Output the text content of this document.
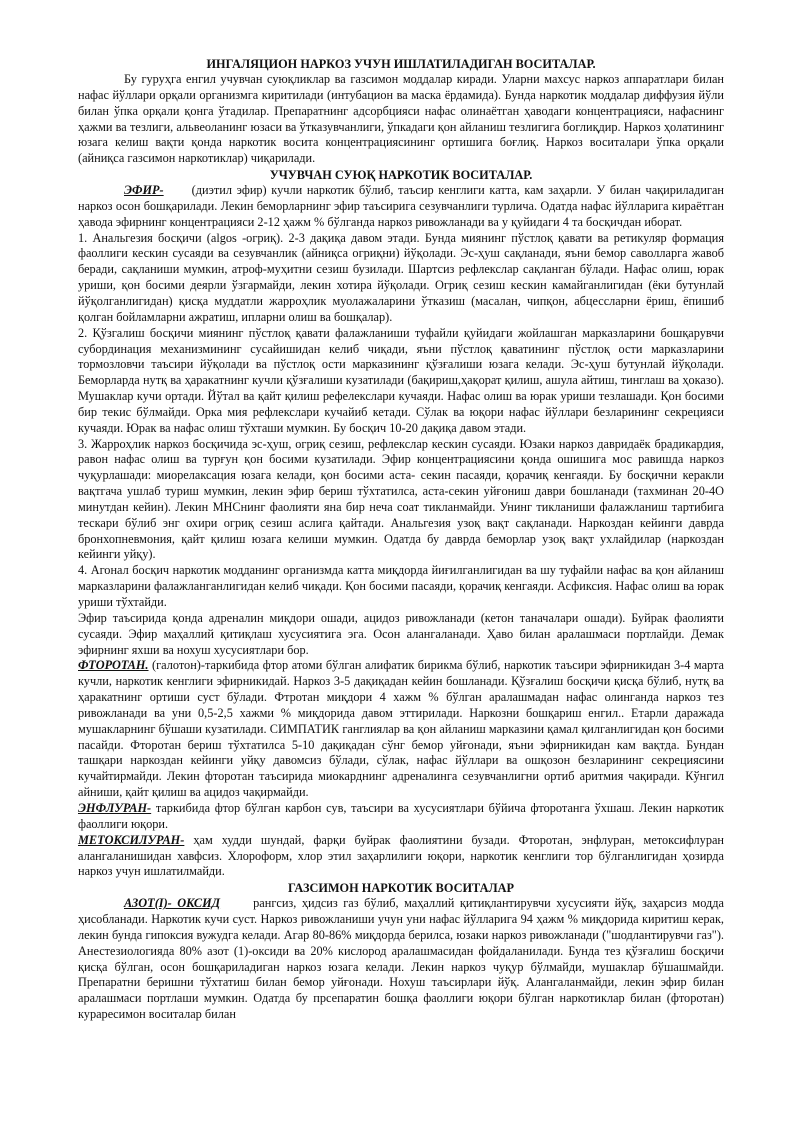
ИНГАЛЯЦИОН НАРКОЗ УЧУН ИШЛАТИЛАДИГАН ВОСИТАЛАР.

Бу гуруҳга енгил учувчан суюқликлар ва газсимон моддалар киради. Уларни махсус наркоз аппаратлари билан нафас йўллари орқали организмга киритилади (интубацион ва маска ёрдамида). Бунда наркотик моддалар диффузия йўли билан ўпка орқали қонга ўтадилар. Препаратнинг адсорбцияси нафас олинаётган ҳаводаги концентрацияси, нафаснинг ҳажми ва тезлиги, альвеоланинг юзаси ва ўтказувчанлиги, ўпкадаги қон айланиш тезлигига боглиқдир. Наркоз ҳолатининг юзага келиш вақти қонда наркотик восита концентрациясининг ортишига боғлиқ. Наркоз воситалари ўпка орқали (айниқса газсимон наркотиклар) чиқарилади.

УЧУВЧАН СУЮҚ НАРКОТИК ВОСИТАЛАР.

ЭФИР- (диэтил эфир) кучли наркотик бўлиб, таъсир кенглиги катта, кам заҳарли. У билан чақириладиган наркоз осон бошқарилади. Лекин беморларнинг эфир таъсирига сезувчанлиги турлича. Одатда нафас йўлларига кираётган ҳавода эфирнинг концентрацияси 2-12 ҳажм % бўлганда наркоз ривожланади ва у қуйидаги 4 та босқичдан иборат.

1. Анальгезия босқичи (algos -огриқ). 2-3 дақиқа давом этади. Бунда миянинг пўстлоқ қавати ва ретикуляр формация фаоллиги кескин сусаяди ва сезувчанлик (айниқса огриқни) йўқолади. Эс-ҳуш сақланади, яъни бемор саволларга жавоб беради, сақланиши мумкин, атроф-муҳитни сезиш бузилади. Шартсиз рефлекслар сақланган бўлади. Нафас олиш, юрак уриши, қон босими деярли ўзгармайди, лекин хотира йўқолади. Огриқ сезиш кескин камайганлигидан (ёки бутунлай йўқолганлигидан) қисқа муддатли жарроҳлик муолажаларини ўтказиш (масалан, чипқон, абцессларни ёриш, ёпишиб қолган бойламларни ажратиш, ипларни олиш ва бошқалар).

2. Қўзгалиш босқичи миянинг пўстлоқ қавати фалажланиши туфайли қуйидаги жойлашган марказларини бошқарувчи субординация механизмининг сусайишидан келиб чиқади, яъни пўстлоқ қаватининг пўстлоқ ости марказларини тормозловчи таъсири йўқолади ва пўстлоқ ости марказининг қўзғалиши юзага келади. Эс-ҳуш бутунлай йўқолади. Беморларда нутқ ва ҳаракатнинг кучли қўзғалиши кузатилади (бақириш,ҳақорат қилиш, ашула айтиш, тинглаш ва ҳоказо). Мушаклар кучи ортади. Йўтал ва қайт қилиш рефелекслари кучаяди. Нафас олиш ва юрак уриши тезлашади. Қон босими бир текис бўлмайди. Орка мия рефлекслари кучайиб кетади. Сўлак ва юқори нафас йўллари безларининг секрецияси кучаяди. Юрак ва нафас олиш тўхташи мумкин. Бу босқич 10-20 дақиқа давом этади.

3. Жарроҳлик наркоз босқичида эс-ҳуш, огриқ сезиш, рефлекслар кескин сусаяди. Юзаки наркоз давридаёк брадикардия, равон нафас олиш ва турғун қон босими кузатилади. Эфир концентрациясини қонда ошишига мос равишда наркоз чуқурлашади: миорелаксация юзага келади, қон босими аста- секин пасаяди, қорачиқ кенгаяди. Бу босқични керакли вақтгача ушлаб туриш мумкин, лекин эфир бериш тўхтатилса, аста-секин уйғониш даври бошланади (тахминан 20-4О минутдан кейин). Лекин МНСнинг фаолияти яна бир неча соат тикланмайди. Унинг тикланиши фалажланиш тартибига тескари бўлиб энг охири огриқ сезиш аслига қайтади. Анальгезия узоқ вақт сақланади. Наркоздан кейинги даврда бронхопневмония, қайт қилиш юзага келиши мумкин. Одатда бу даврда беморлар узоқ вақт ухлайдилар (наркоздан кейинги уйқу).

4. Агонал босқич наркотик модданинг организмда катта миқдорда йиғилганлигидан ва шу туфайли нафас ва қон айланиш марказларини фалажланганлигидан келиб чиқади. Қон босими пасаяди, қорачиқ кенгаяди. Асфиксия. Нафас олиш ва юрак уриши тўхтайди.

Эфир таъсирида қонда адреналин миқдори ошади, ацидоз ривожланади (кетон таначалари ошади). Буйрак фаолияти сусаяди. Эфир маҳаллий қитиқлаш хусусиятига эга. Осон алангаланади. Ҳаво билан аралашмаси портлайди. Демак эфирнинг яхши ва нохуш хусусиятлари бор.

ФТОРОТАН. (галотон)-таркибида фтор атоми бўлган алифатик бирикма бўлиб, наркотик таъсири эфирникидан 3-4 марта кучли, наркотик кенглиги эфирникидай. Наркоз 3-5 дақиқадан кейин бошланади. Қўзғалиш босқичи қисқа бўлиб, нутқ ва ҳаракатнинг ортиши суст бўлади. Фтротан миқдори 4 хажм % бўлган аралашмадан нафас олинганда наркоз тез ривожланади ва уни 0,5-2,5 хажми % миқдорида давом эттирилади. Наркозни бошқариш енгил.. Етарли даражада мушакларнинг бўшаши кузатилади. СИМПАТИК ганглиялар ва қон айланиш марказини қамал қилганлигидан қон босими пасайди. Фторотан бериш тўхтатилса 5-10 дақиқадан сўнг бемор уйғонади, яъни эфирникидан кам вақтда. Бундан ташқари наркоздан кейинги уйқу давомсиз бўлади, сўлак, нафас йўллари ва ошқозон безларининг секрециясини кучайтирмайди. Лекин фторотан таъсирида миокарднинг адреналинга сезувчанлигни ортиб аритмия чақиради. Кўнгил айниши, қайт қилиш ва ацидоз чақирмайди.

ЭНФЛУРАН- таркибида фтор бўлган карбон сув, таъсири ва хусусиятлари бўйича фторотанга ўхшаш. Лекин наркотик фаоллиги юқори.

МЕТОКСИЛУРАН- ҳам худди шундай, фарқи буйрак фаолиятини бузади. Фторотан, энфлуран, метоксифлуран алангаланишидан хавфсиз. Хлороформ, хлор этил заҳарлилиги юқори, наркотик кенглиги тор бўлганлигидан ҳозирда наркоз учун ишлатилмайди.

ГАЗСИМОН НАРКОТИК ВОСИТАЛАР

АЗОТ(I)- ОКСИД	рангсиз, ҳидсиз газ бўлиб, маҳаллий қитиқлантирувчи хусусияти йўқ, заҳарсиз модда ҳисобланади. Наркотик кучи суст. Наркоз ривожланиши учун уни нафас йўлларига 94 ҳажм % миқдорида киритиш керак, лекин бунда гипоксия вужудга келади. Агар 80-86% миқдорда берилса, юзаки наркоз ривожланади ("шодлантирувчи газ"). Анестезиологияда 80% азот (1)-оксиди ва 20% кислород аралашмасидан фойдаланилади. Бунда тез қўзғалиш босқичи қисқа бўлган, осон бошқариладиган наркоз юзага келади. Лекин наркоз чуқур бўлмайди, мушаклар бўшашмайди. Препаратни беришни тўхтатиш билан бемор уйғонади. Нохуш таъсирлари йўқ. Алангаланмайди, лекин эфир билан аралашмаси портлаши мумкин. Одатда бу прсепаратин бошқа фаоллиги юқори бўлган наркотиклар билан (фторотан) курареcимон воситалар билан
